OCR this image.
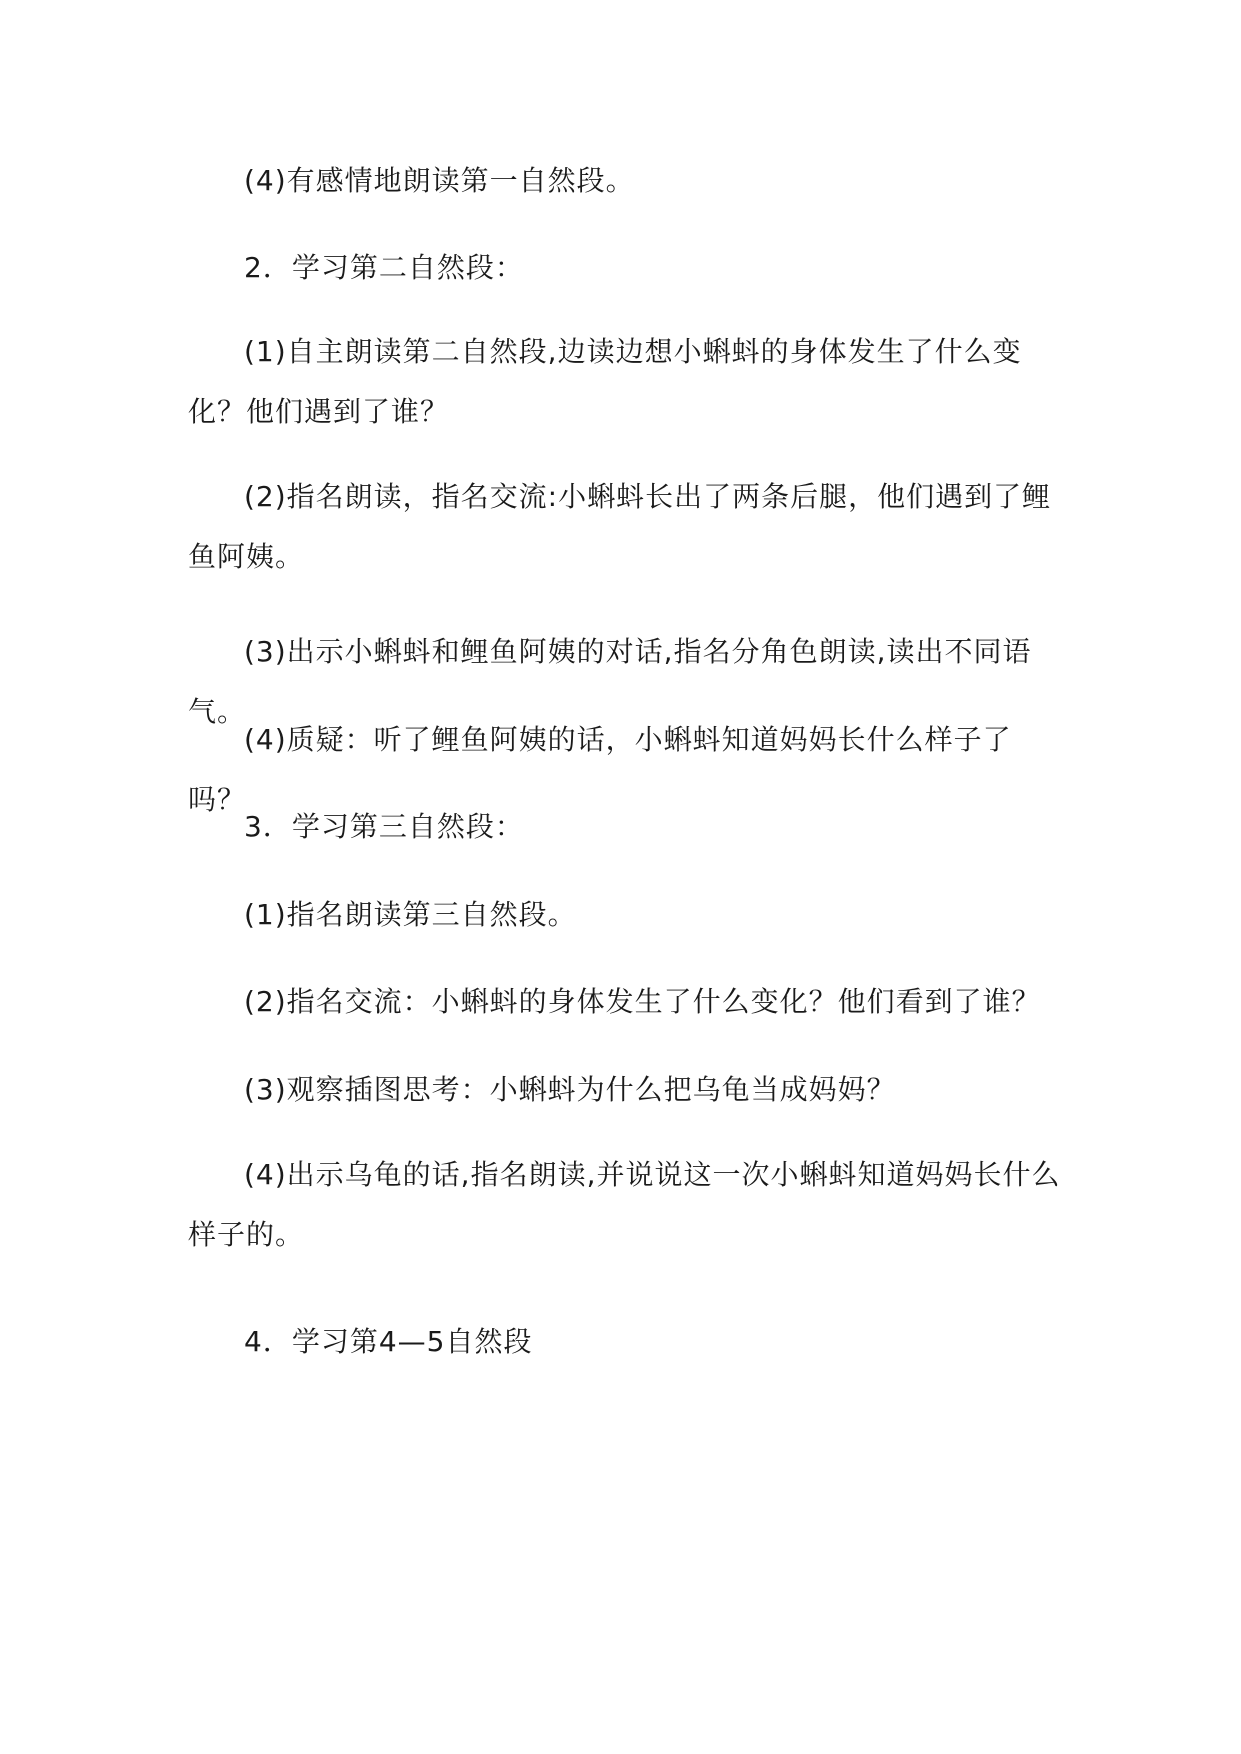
(4)有感情地朗读第一自然段。

2．学习第二自然段：

(1)自主朗读第二自然段,边读边想小蝌蚪的身体发生了什么变化？他们遇到了谁？

(2)指名朗读，指名交流:小蝌蚪长出了两条后腿，他们遇到了鲤鱼阿姨。

(3)出示小蝌蚪和鲤鱼阿姨的对话,指名分角色朗读,读出不同语气。

(4)质疑：听了鲤鱼阿姨的话，小蝌蚪知道妈妈长什么样子了吗？

3．学习第三自然段：

(1)指名朗读第三自然段。

(2)指名交流：小蝌蚪的身体发生了什么变化？他们看到了谁？

(3)观察插图思考：小蝌蚪为什么把乌龟当成妈妈？

(4)出示乌龟的话,指名朗读,并说说这一次小蝌蚪知道妈妈长什么样子的。

4．学习第4—5自然段
